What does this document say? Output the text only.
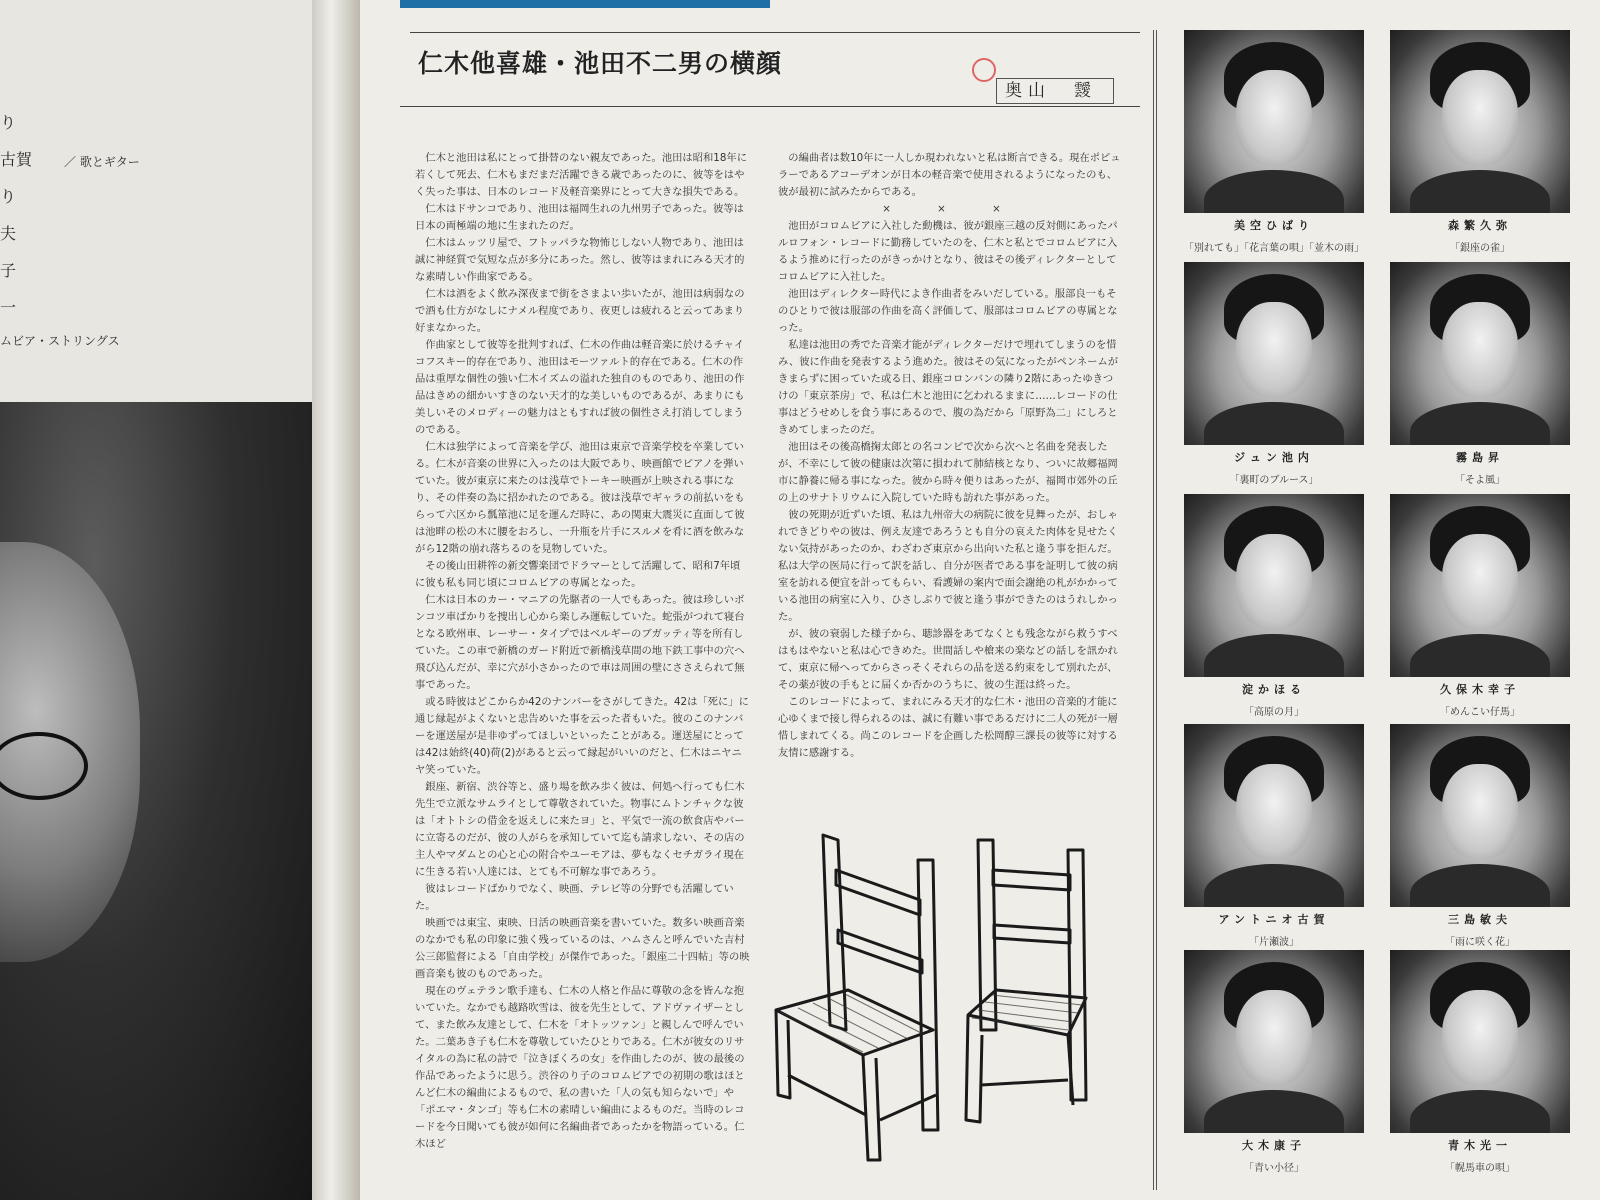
り
古賀	／ 歌とギター
り
夫
子
一
ムビア・ストリングス
仁木他喜雄・池田不二男の横顔
奥山　靉

仁木と池田は私にとって掛替のない親友であった。池田は昭和18年に若くして死去、仁木もまだまだ活躍できる歳であったのに、彼等をはやく失った事は、日本のレコード及軽音楽界にとって大きな損失である。

仁木はドサンコであり、池田は福岡生れの九州男子であった。彼等は日本の両極端の地に生まれたのだ。

仁木はムッツリ屋で、フトッパラな物怖じしない人物であり、池田は誠に神経質で気短な点が多分にあった。然し、彼等はまれにみる天才的な素晴しい作曲家である。

仁木は酒をよく飲み深夜まで街をさまよい歩いたが、池田は病弱なので酒も仕方がなしにナメル程度であり、夜更しは疲れると云ってあまり好まなかった。

作曲家として彼等を批判すれば、仁木の作曲は軽音楽に於けるチャイコフスキー的存在であり、池田はモーツァルト的存在である。仁木の作品は重厚な個性の強い仁木イズムの溢れた独自のものであり、池田の作品はきめの細かいすきのない天才的な美しいものであるが、あまりにも美しいそのメロディーの魅力はともすれば彼の個性さえ打消してしまうのである。

仁木は独学によって音楽を学び、池田は東京で音楽学校を卒業している。仁木が音楽の世界に入ったのは大阪であり、映画館でピアノを弾いていた。彼が東京に来たのは浅草でトーキー映画が上映される事になり、その伴奏の為に招かれたのである。彼は浅草でギャラの前払いをもらって六区から瓢箪池に足を運んだ時に、あの関東大震災に直面して彼は池畔の松の木に腰をおろし、一升瓶を片手にスルメを肴に酒を飲みながら12階の崩れ落ちるのを見物していた。

その後山田耕筰の新交響楽団でドラマーとして活躍して、昭和7年頃に彼も私も同じ頃にコロムビアの専属となった。

仁木は日本のカー・マニアの先駆者の一人でもあった。彼は珍しいボンコツ車ばかりを捜出し心から楽しみ運転していた。蛇張がつれて寝台となる欧州車、レーサー・タイプではベルギーのブガッティ等を所有していた。この車で新橋のガード附近で新橋浅草間の地下鉄工事中の穴へ飛び込んだが、幸に穴が小さかったので車は周囲の壁にささえられて無事であった。

或る時彼はどこからか42のナンバーをさがしてきた。42は「死に」に通じ縁起がよくないと忠告めいた事を云った者もいた。彼のこのナンバーを運送屋が是非ゆずってほしいといったことがある。運送屋にとっては42は始終(40)荷(2)があると云って縁起がいいのだと、仁木はニヤニヤ笑っていた。

銀座、新宿、渋谷等と、盛り場を飲み歩く彼は、何処へ行っても仁木先生で立派なサムライとして尊敬されていた。物事にムトンチャクな彼は「オトトシの借金を返えしに来たヨ」と、平気で一流の飲食店やバーに立寄るのだが、彼の人がらを承知していて迄も請求しない、その店の主人やマダムとの心と心の附合やユーモアは、夢もなくセチガライ現在に生きる若い人達には、とても不可解な事であろう。

彼はレコードばかりでなく、映画、テレビ等の分野でも活躍していた。

映画では東宝、東映、日活の映画音楽を書いていた。数多い映画音楽のなかでも私の印象に強く残っているのは、ハムさんと呼んでいた吉村公三郎監督による「自由学校」が傑作であった。「銀座二十四帖」等の映画音楽も彼のものであった。

現在のヴェテラン歌手達も、仁木の人格と作品に尊敬の念を皆んな抱いていた。なかでも越路吹雪は、彼を先生として、アドヴァイザーとして、また飲み友達として、仁木を「オトッツァン」と親しんで呼んでいた。二葉あき子も仁木を尊敬していたひとりである。仁木が彼女のリサイタルの為に私の詩で「泣きぼくろの女」を作曲したのが、彼の最後の作品であったように思う。渋谷のり子のコロムビアでの初期の歌はほとんど仁木の編曲によるもので、私の書いた「人の気も知らないで」や「ポエマ・タンゴ」等も仁木の素晴しい編曲によるものだ。当時のレコードを今日聞いても彼が如何に名編曲者であったかを物語っている。仁木ほど

の編曲者は数10年に一人しか現われないと私は断言できる。現在ポピュラーであるアコーデオンが日本の軽音楽で使用されるようになったのも、彼が最初に試みたからである。

×　×　×

池田がコロムビアに入社した動機は、彼が銀座三越の反対側にあったパルロフォン・レコードに勤務していたのを、仁木と私とでコロムビアに入るよう推めに行ったのがきっかけとなり、彼はその後ディレクターとしてコロムビアに入社した。

池田はディレクター時代によき作曲者をみいだしている。服部良一もそのひとりで彼は服部の作曲を高く評価して、服部はコロムビアの専属となった。

私達は池田の秀でた音楽才能がディレクターだけで埋れてしまうのを惜み、彼に作曲を発表するよう進めた。彼はその気になったがペンネームがきまらずに困っていた或る日、銀座コロンバンの隣り2階にあったゆきつけの「東京茶房」で、私は仁木と池田に乞われるままに……レコードの仕事はどうせめしを食う事にあるので、腹の為だから「原野為二」にしろときめてしまったのだ。

池田はその後高橋掬太郎との名コンビで次から次へと名曲を発表したが、不幸にして彼の健康は次第に損われて肺結核となり、ついに故郷福岡市に静養に帰る事になった。彼から時々便りはあったが、福岡市郊外の丘の上のサナトリウムに入院していた時も訪れた事があった。

彼の死期が近ずいた頃、私は九州帝大の病院に彼を見舞ったが、おしゃれできどりやの彼は、例え友達であろうとも自分の哀えた肉体を見せたくない気持があったのか、わざわざ東京から出向いた私と逢う事を拒んだ。私は大学の医局に行って訳を話し、自分が医者である事を証明して彼の病室を訪れる便宜を計ってもらい、看護婦の案内で面会謝絶の札がかかっている池田の病室に入り、ひさしぶりで彼と逢う事ができたのはうれしかった。

が、彼の衰弱した様子から、聴診器をあてなくとも残念ながら救うすべはもはやないと私は心できめた。世間話しや槍来の楽などの話しを訊かれて、東京に帰へってからさっそくそれらの品を送る約束をして別れたが、その薬が彼の手もとに届くか否かのうちに、彼の生涯は終った。

このレコードによって、まれにみる天才的な仁木・池田の音楽的才能に心ゆくまで接し得られるのは、誠に有難い事であるだけに二人の死が一層惜しまれてくる。尚このレコードを企画した松岡醇三課長の彼等に対する友情に感謝する。

美空ひばり
「別れても」「花言葉の唄」「並木の雨」
森繁久弥
「銀座の雀」
ジュン池内
「裏町のブルース」
霧島昇
「そよ風」
淀かほる
「高原の月」
久保木幸子
「めんこい仔馬」
アントニオ古賀
「片瀬波」
三島敏夫
「雨に咲く花」
大木康子
「青い小径」
青木光一
「幌馬車の唄」
